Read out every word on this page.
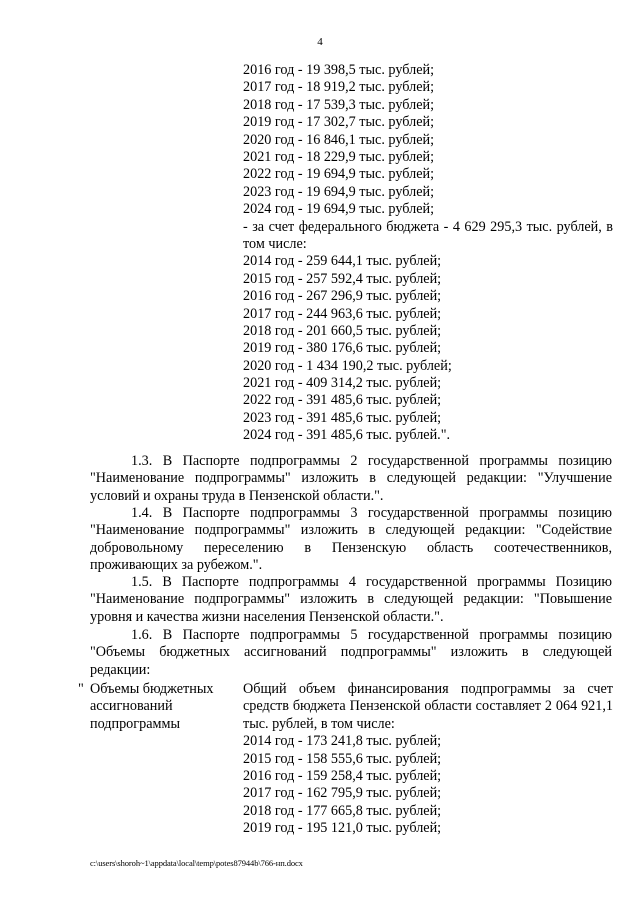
4
2016 год - 19 398,5 тыс. рублей;
2017 год - 18 919,2 тыс. рублей;
2018 год - 17 539,3 тыс. рублей;
2019 год - 17 302,7 тыс. рублей;
2020 год - 16 846,1 тыс. рублей;
2021 год - 18 229,9 тыс. рублей;
2022 год - 19 694,9 тыс. рублей;
2023 год - 19 694,9 тыс. рублей;
2024 год - 19 694,9 тыс. рублей;
- за счет федерального бюджета - 4 629 295,3 тыс. рублей, в том числе:
2014 год - 259 644,1 тыс. рублей;
2015 год - 257 592,4 тыс. рублей;
2016 год - 267 296,9 тыс. рублей;
2017 год - 244 963,6 тыс. рублей;
2018 год - 201 660,5 тыс. рублей;
2019 год - 380 176,6 тыс. рублей;
2020 год - 1 434 190,2 тыс. рублей;
2021 год - 409 314,2 тыс. рублей;
2022 год - 391 485,6 тыс. рублей;
2023 год - 391 485,6 тыс. рублей;
2024 год - 391 485,6 тыс. рублей.".

1.3. В Паспорте подпрограммы 2 государственной программы позицию "Наименование подпрограммы" изложить в следующей редакции: "Улучшение условий и охраны труда в Пензенской области.".

1.4. В Паспорте подпрограммы 3 государственной программы позицию "Наименование подпрограммы" изложить в следующей редакции: "Содействие добровольному переселению в Пензенскую область соотечественников, проживающих за рубежом.".

1.5. В Паспорте подпрограммы 4 государственной программы Позицию "Наименование подпрограммы" изложить в следующей редакции: "Повышение уровня и качества жизни населения Пензенской области.".

1.6. В Паспорте подпрограммы 5 государственной программы позицию "Объемы бюджетных ассигнований подпрограммы" изложить в следующей редакции:

" Объемы бюджетных ассигнований подпрограммы
Общий объем финансирования подпрограммы за счет средств бюджета Пензенской области составляет 2 064 921,1 тыс. рублей, в том числе:
2014 год - 173 241,8 тыс. рублей;
2015 год - 158 555,6 тыс. рублей;
2016 год - 159 258,4 тыс. рублей;
2017 год - 162 795,9 тыс. рублей;
2018 год - 177 665,8 тыс. рублей;
2019 год - 195 121,0 тыс. рублей;
c:\users\shoroh~1\appdata\local\temp\potes87944b\766-нп.docx
